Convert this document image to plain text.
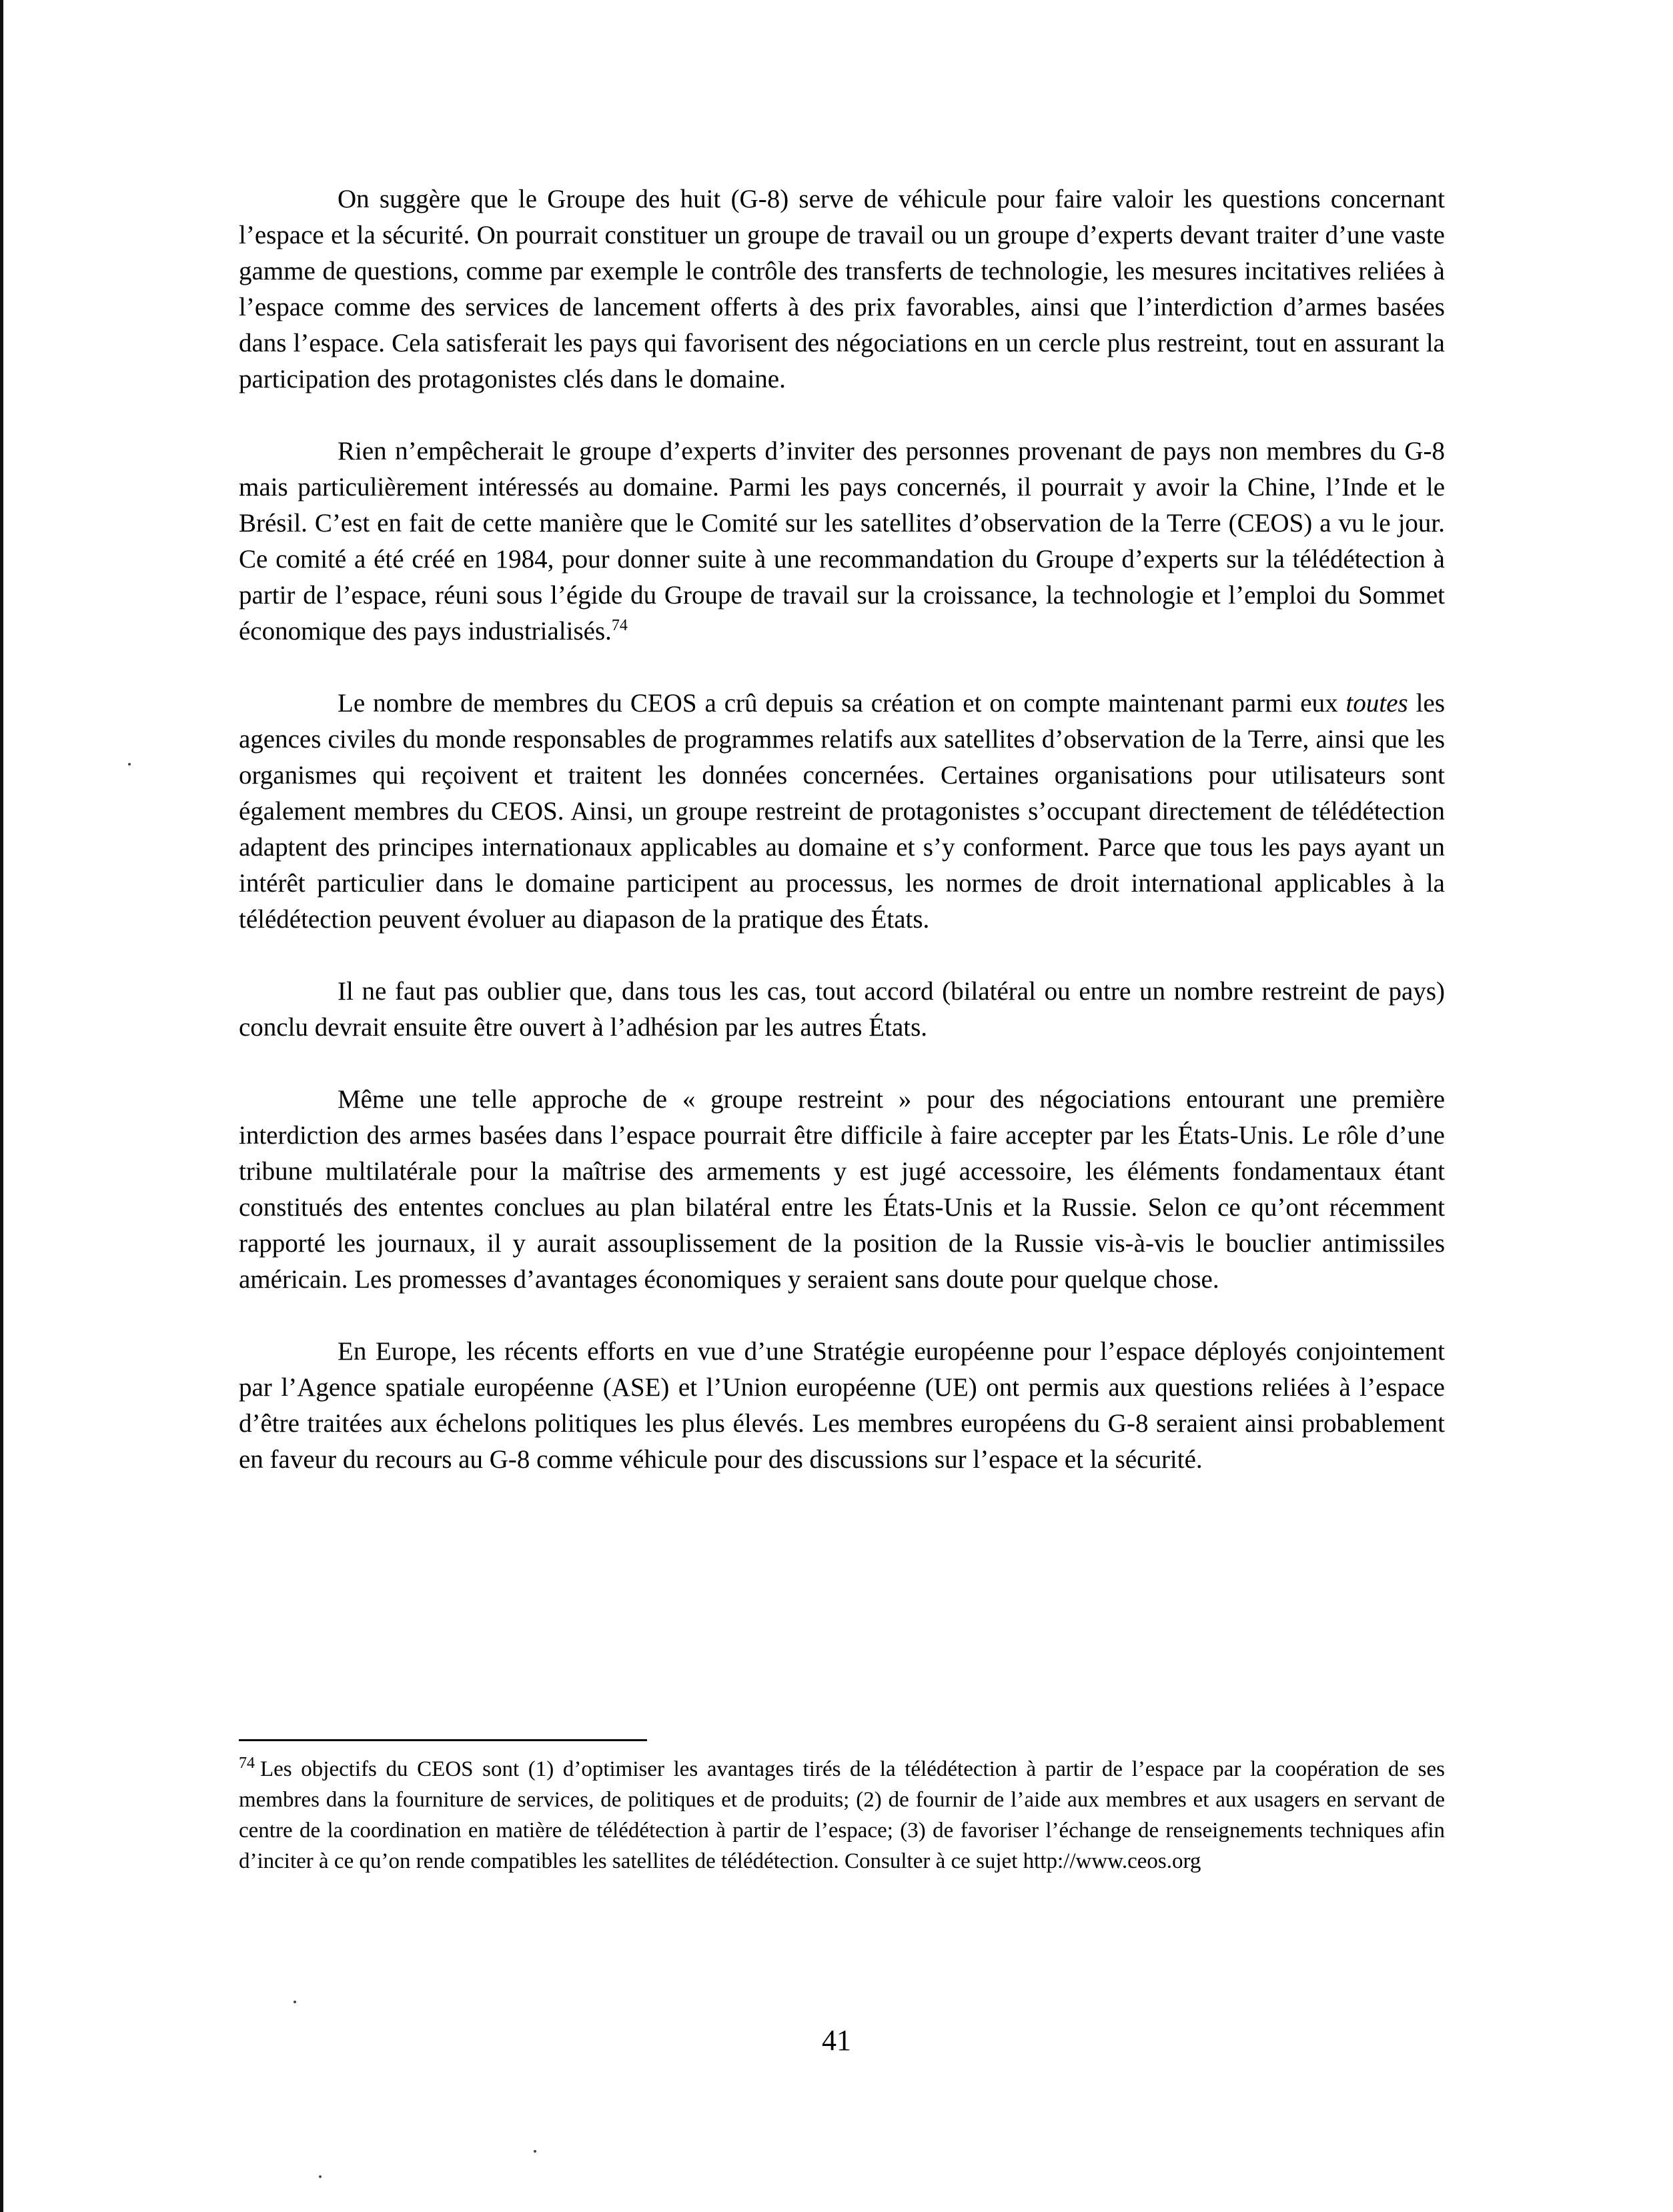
On suggère que le Groupe des huit (G-8) serve de véhicule pour faire valoir les questions concernant l’espace et la sécurité. On pourrait constituer un groupe de travail ou un groupe d’experts devant traiter d’une vaste gamme de questions, comme par exemple le contrôle des transferts de technologie, les mesures incitatives reliées à l’espace comme des services de lancement offerts à des prix favorables, ainsi que l’interdiction d’armes basées dans l’espace. Cela satisferait les pays qui favorisent des négociations en un cercle plus restreint, tout en assurant la participation des protagonistes clés dans le domaine.

Rien n’empêcherait le groupe d’experts d’inviter des personnes provenant de pays non membres du G-8 mais particulièrement intéressés au domaine. Parmi les pays concernés, il pourrait y avoir la Chine, l’Inde et le Brésil. C’est en fait de cette manière que le Comité sur les satellites d’observation de la Terre (CEOS) a vu le jour. Ce comité a été créé en 1984, pour donner suite à une recommandation du Groupe d’experts sur la télédétection à partir de l’espace, réuni sous l’égide du Groupe de travail sur la croissance, la technologie et l’emploi du Sommet économique des pays industrialisés.$^{74}$

Le nombre de membres du CEOS a crû depuis sa création et on compte maintenant parmi eux toutes les agences civiles du monde responsables de programmes relatifs aux satellites d’observation de la Terre, ainsi que les organismes qui reçoivent et traitent les données concernées. Certaines organisations pour utilisateurs sont également membres du CEOS. Ainsi, un groupe restreint de protagonistes s’occupant directement de télédétection adaptent des principes internationaux applicables au domaine et s’y conforment. Parce que tous les pays ayant un intérêt particulier dans le domaine participent au processus, les normes de droit international applicables à la télédétection peuvent évoluer au diapason de la pratique des États.

Il ne faut pas oublier que, dans tous les cas, tout accord (bilatéral ou entre un nombre restreint de pays) conclu devrait ensuite être ouvert à l’adhésion par les autres États.

Même une telle approche de « groupe restreint » pour des négociations entourant une première interdiction des armes basées dans l’espace pourrait être difficile à faire accepter par les États-Unis. Le rôle d’une tribune multilatérale pour la maîtrise des armements y est jugé accessoire, les éléments fondamentaux étant constitués des ententes conclues au plan bilatéral entre les États-Unis et la Russie. Selon ce qu’ont récemment rapporté les journaux, il y aurait assouplissement de la position de la Russie vis-à-vis le bouclier antimissiles américain. Les promesses d’avantages économiques y seraient sans doute pour quelque chose.

En Europe, les récents efforts en vue d’une Stratégie européenne pour l’espace déployés conjointement par l’Agence spatiale européenne (ASE) et l’Union européenne (UE) ont permis aux questions reliées à l’espace d’être traitées aux échelons politiques les plus élevés. Les membres européens du G-8 seraient ainsi probablement en faveur du recours au G-8 comme véhicule pour des discussions sur l’espace et la sécurité.

$^{74}$ Les objectifs du CEOS sont (1) d’optimiser les avantages tirés de la télédétection à partir de l’espace par la coopération de ses membres dans la fourniture de services, de politiques et de produits; (2) de fournir de l’aide aux membres et aux usagers en servant de centre de la coordination en matière de télédétection à partir de l’espace; (3) de favoriser l’échange de renseignements techniques afin d’inciter à ce qu’on rende compatibles les satellites de télédétection. Consulter à ce sujet http://www.ceos.org
41
